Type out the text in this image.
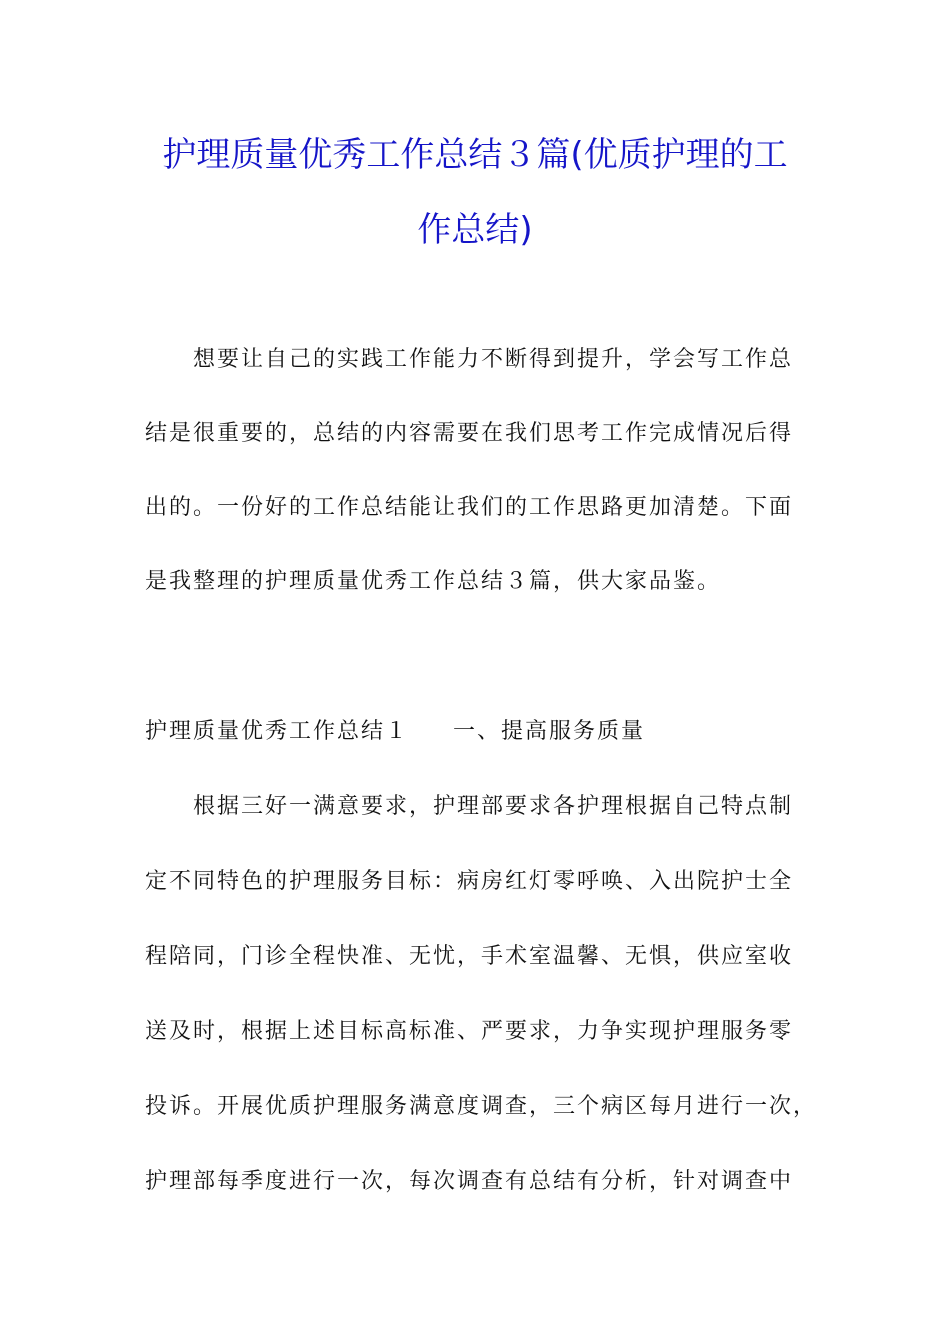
护理质量优秀工作总结３篇(优质护理的工
作总结)
想要让自己的实践工作能力不断得到提升，学会写工作总
结是很重要的，总结的内容需要在我们思考工作完成情况后得
出的。一份好的工作总结能让我们的工作思路更加清楚。下面
是我整理的护理质量优秀工作总结３篇，供大家品鉴。
护理质量优秀工作总结１ 一、提高服务质量
根据三好一满意要求，护理部要求各护理根据自己特点制
定不同特色的护理服务目标：病房红灯零呼唤、入出院护士全
程陪同，门诊全程快准、无忧，手术室温馨、无惧，供应室收
送及时，根据上述目标高标准、严要求，力争实现护理服务零
投诉。开展优质护理服务满意度调查，三个病区每月进行一次，
护理部每季度进行一次，每次调查有总结有分析，针对调查中
